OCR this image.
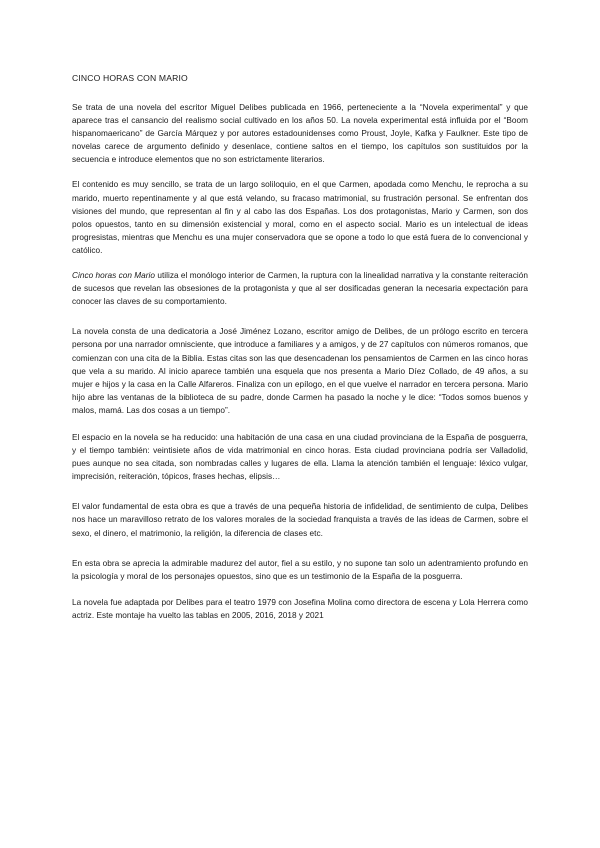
CINCO HORAS CON MARIO

Se trata de una novela del escritor Miguel Delibes publicada en 1966, perteneciente a la “Novela experimental” y que aparece tras el cansancio del realismo social cultivado en los años 50. La novela experimental está influida por el “Boom hispanomaericano” de García Márquez y por autores estadounidenses como Proust, Joyle, Kafka y Faulkner. Este tipo de novelas carece de argumento definido y desenlace, contiene saltos en el tiempo, los capítulos son sustituidos por la secuencia e introduce elementos que no son estrictamente literarios.

El contenido es muy sencillo, se trata de un largo soliloquio, en el que Carmen, apodada como Menchu, le reprocha a su marido, muerto repentinamente y al que está velando, su fracaso matrimonial, su frustración personal. Se enfrentan dos visiones del mundo, que representan al fin y al cabo las dos Españas. Los dos protagonistas, Mario y Carmen, son dos polos opuestos, tanto en su dimensión existencial y moral, como en el aspecto social. Mario es un intelectual de ideas progresistas, mientras que Menchu es una mujer conservadora que se opone a todo lo que está fuera de lo convencional y católico.

Cinco horas con Mario utiliza el monólogo interior de Carmen, la ruptura con la linealidad narrativa y la constante reiteración de sucesos que revelan las obsesiones de la protagonista y que al ser dosificadas generan la necesaria expectación para conocer las claves de su comportamiento.

La novela consta de una dedicatoria a José Jiménez Lozano, escritor amigo de Delibes, de un prólogo escrito en tercera persona por una narrador omnisciente, que introduce a familiares y a amigos, y de 27 capítulos con números romanos, que comienzan con una cita de la Biblia. Estas citas son las que desencadenan los pensamientos de Carmen en las cinco horas que vela a su marido. Al inicio aparece también una esquela que nos presenta a Mario Díez Collado, de 49 años, a su mujer e hijos y la casa en la Calle Alfareros. Finaliza con un epílogo, en el que vuelve el narrador en tercera persona. Mario hijo abre las ventanas de la biblioteca de su padre, donde Carmen ha pasado la noche y le dice: “Todos somos buenos y malos, mamá. Las dos cosas a un tiempo”.

El espacio en la novela se ha reducido: una habitación de una casa en una ciudad provinciana de la España de posguerra, y el tiempo también: veintisiete años de vida matrimonial en cinco horas. Esta ciudad provinciana podría ser Valladolid, pues aunque no sea citada, son nombradas calles y lugares de ella. Llama la atención también el lenguaje: léxico vulgar, imprecisión, reiteración, tópicos, frases hechas, elipsis…

El valor fundamental de esta obra es que a través de una pequeña historia de infidelidad, de sentimiento de culpa, Delibes nos hace un maravilloso retrato de los valores morales de la sociedad franquista a través de las ideas de Carmen, sobre el sexo, el dinero, el matrimonio, la religión, la diferencia de clases etc.

En esta obra se aprecia la admirable madurez del autor, fiel a su estilo, y no supone tan solo un adentramiento profundo en la psicología y moral de los personajes opuestos, sino que es un testimonio de la España de la posguerra.

La novela fue adaptada por Delibes para el teatro 1979 con Josefina Molina como directora de escena y Lola Herrera como actriz. Este montaje ha vuelto las tablas en 2005, 2016, 2018 y 2021
